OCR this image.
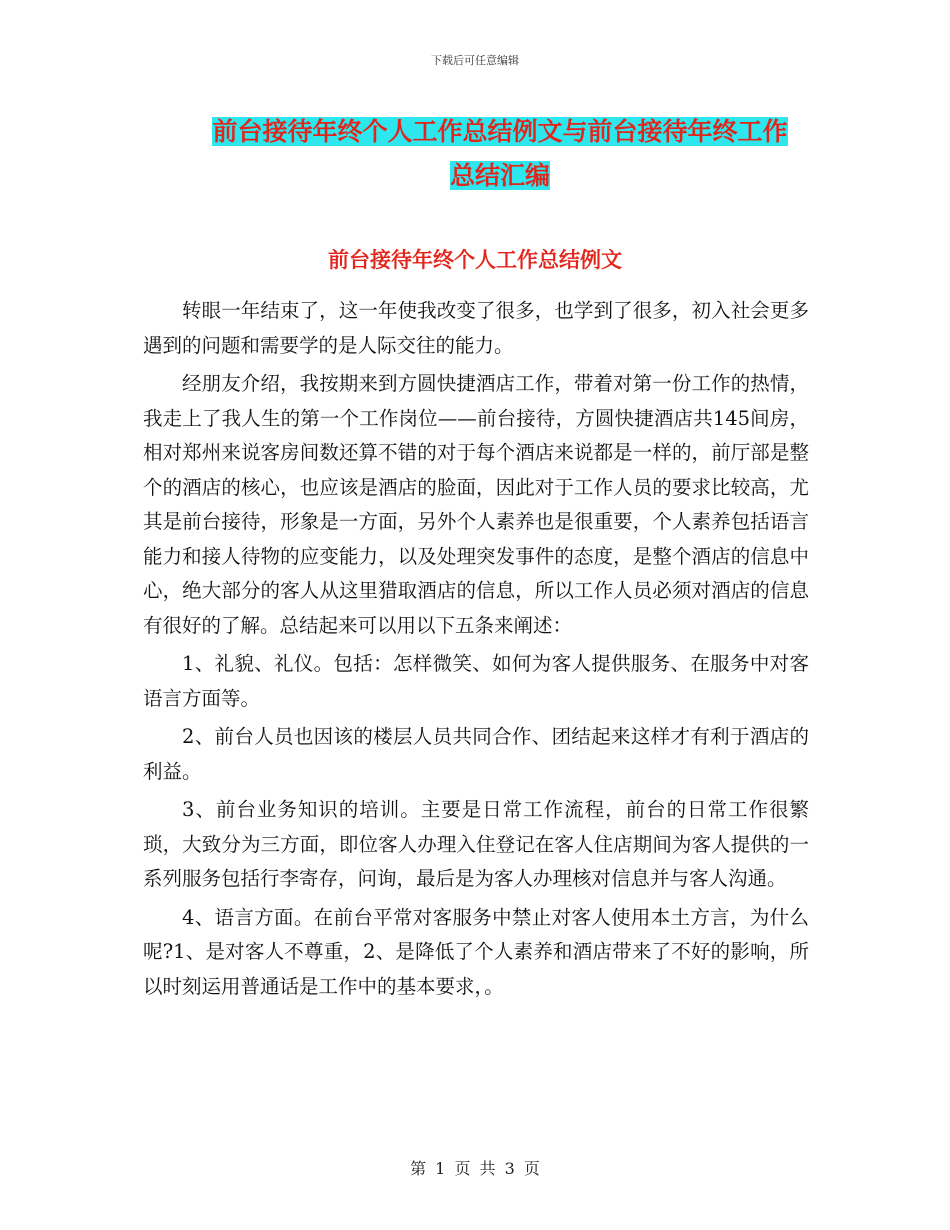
下载后可任意编辑
前台接待年终个人工作总结例文与前台接待年终工作
总结汇编
前台接待年终个人工作总结例文

转眼一年结束了，这一年使我改变了很多，也学到了很多，初入社会更多遇到的问题和需要学的是人际交往的能力。

经朋友介绍，我按期来到方圆快捷酒店工作，带着对第一份工作的热情，我走上了我人生的第一个工作岗位——前台接待，方圆快捷酒店共145间房，相对郑州来说客房间数还算不错的对于每个酒店来说都是一样的，前厅部是整个的酒店的核心，也应该是酒店的脸面，因此对于工作人员的要求比较高，尤其是前台接待，形象是一方面，另外个人素养也是很重要，个人素养包括语言能力和接人待物的应变能力，以及处理突发事件的态度，是整个酒店的信息中心，绝大部分的客人从这里猎取酒店的信息，所以工作人员必须对酒店的信息有很好的了解。总结起来可以用以下五条来阐述：

1、礼貌、礼仪。包括：怎样微笑、如何为客人提供服务、在服务中对客语言方面等。

2、前台人员也因该的楼层人员共同合作、团结起来这样才有利于酒店的利益。

3、前台业务知识的培训。主要是日常工作流程，前台的日常工作很繁琐，大致分为三方面，即位客人办理入住登记在客人住店期间为客人提供的一系列服务包括行李寄存，问询，最后是为客人办理核对信息并与客人沟通。

4、语言方面。在前台平常对客服务中禁止对客人使用本土方言，为什么呢?1、是对客人不尊重，2、是降低了个人素养和酒店带来了不好的影响，所以时刻运用普通话是工作中的基本要求，。

第 1 页 共 3 页
